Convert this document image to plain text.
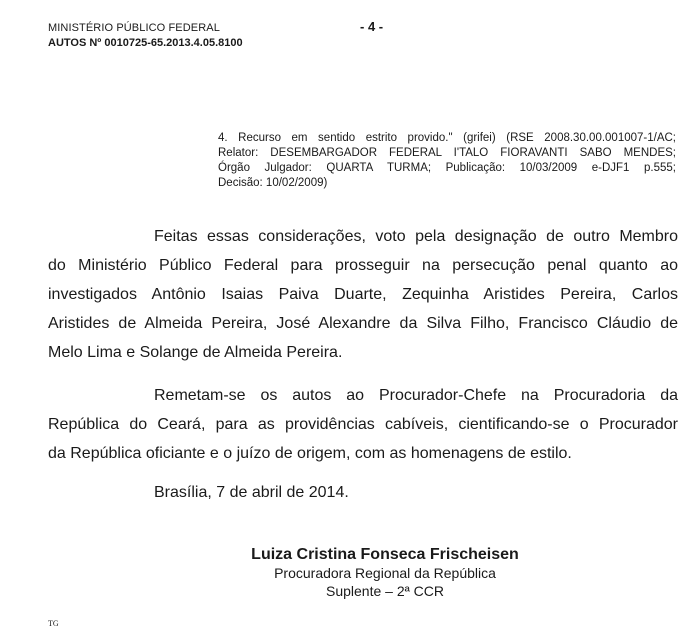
MINISTÉRIO PÚBLICO FEDERAL
AUTOS Nº 0010725-65.2013.4.05.8100
- 4 -
4. Recurso em sentido estrito provido." (grifei) (RSE 2008.30.00.001007-1/AC;
Relator: DESEMBARGADOR FEDERAL I'TALO FIORAVANTI SABO MENDES;
Órgão Julgador: QUARTA TURMA; Publicação: 10/03/2009 e-DJF1 p.555;
Decisão: 10/02/2009)
Feitas essas considerações, voto pela designação de outro Membro
do Ministério Público Federal para prosseguir na persecução penal quanto ao
investigados Antônio Isaias Paiva Duarte, Zequinha Aristides Pereira, Carlos
Aristides de Almeida Pereira, José Alexandre da Silva Filho, Francisco Cláudio de
Melo Lima e Solange de Almeida Pereira.
Remetam-se os autos ao Procurador-Chefe na Procuradoria da
República do Ceará, para as providências cabíveis, cientificando-se o Procurador
da República oficiante e o juízo de origem, com as homenagens de estilo.
Brasília, 7 de abril de 2014.
Luiza Cristina Fonseca Frischeisen
Procuradora Regional da República
Suplente – 2ª CCR
TG
